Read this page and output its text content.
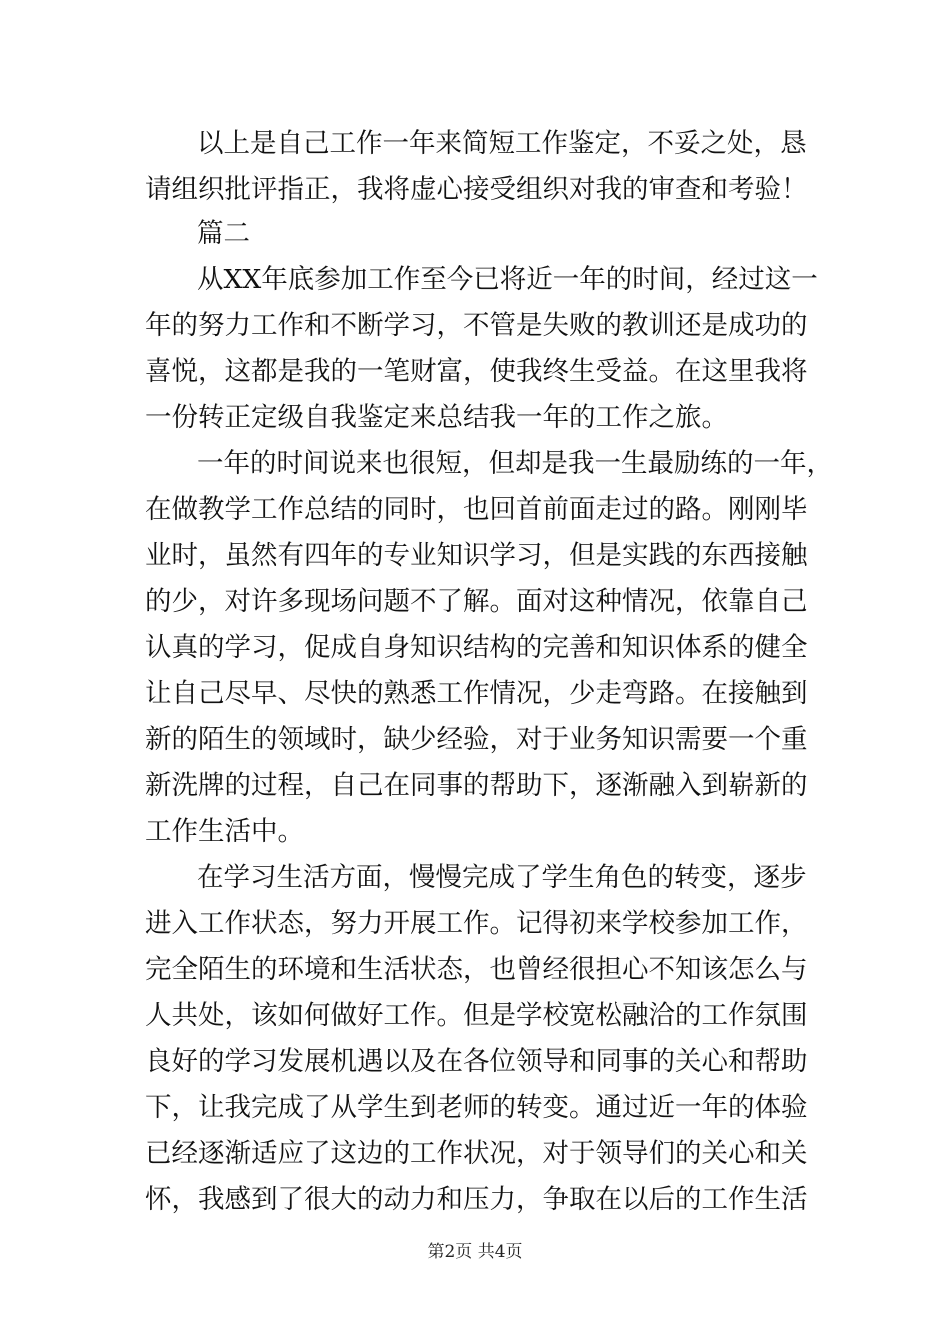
以上是自己工作一年来简短工作鉴定，不妥之处，恳
请组织批评指正，我将虚心接受组织对我的审查和考验！
篇二
从XX年底参加工作至今已将近一年的时间，经过这一
年的努力工作和不断学习，不管是失败的教训还是成功的
喜悦，这都是我的一笔财富，使我终生受益。在这里我将
一份转正定级自我鉴定来总结我一年的工作之旅。
一年的时间说来也很短，但却是我一生最励练的一年，
在做教学工作总结的同时，也回首前面走过的路。刚刚毕
业时，虽然有四年的专业知识学习，但是实践的东西接触
的少，对许多现场问题不了解。面对这种情况，依靠自己
认真的学习，促成自身知识结构的完善和知识体系的健全
让自己尽早、尽快的熟悉工作情况，少走弯路。在接触到
新的陌生的领域时，缺少经验，对于业务知识需要一个重
新洗牌的过程，自己在同事的帮助下，逐渐融入到崭新的
工作生活中。
在学习生活方面，慢慢完成了学生角色的转变，逐步
进入工作状态，努力开展工作。记得初来学校参加工作，
完全陌生的环境和生活状态，也曾经很担心不知该怎么与
人共处，该如何做好工作。但是学校宽松融洽的工作氛围
良好的学习发展机遇以及在各位领导和同事的关心和帮助
下，让我完成了从学生到老师的转变。通过近一年的体验
已经逐渐适应了这边的工作状况，对于领导们的关心和关
怀，我感到了很大的动力和压力，争取在以后的工作生活
第2页 共4页
